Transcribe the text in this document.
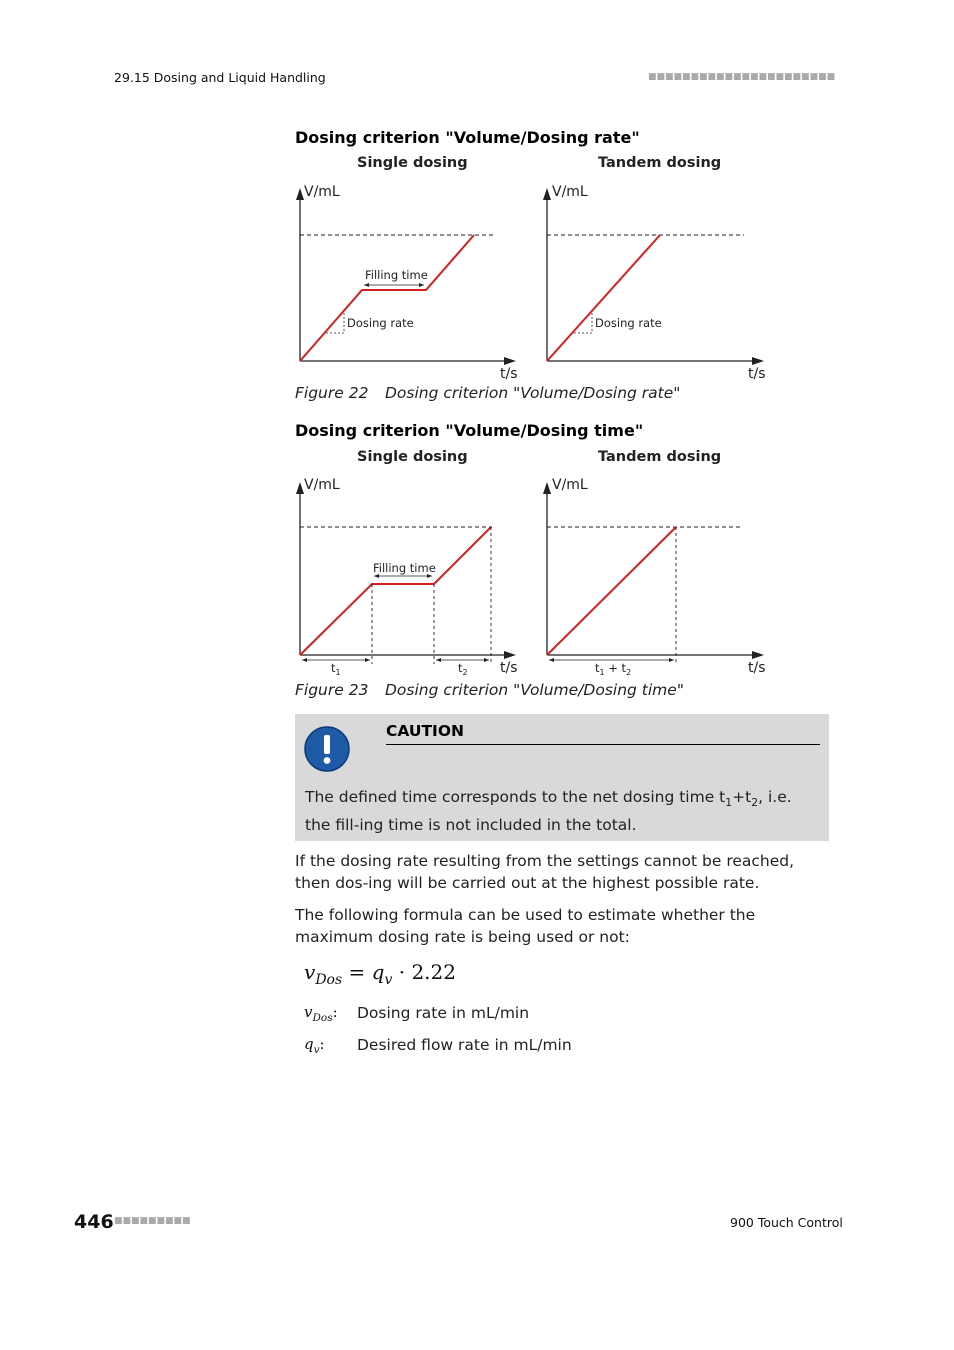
29.15 Dosing and Liquid Handling	■■■■■■■■■■■■■■■■■■■■■■
Dosing criterion "Volume/Dosing rate"
Single dosing	Tandem dosing
V/mL
t/s
Filling time
Dosing rate
V/mL
t/s
Dosing rate
Figure 22 Dosing criterion "Volume/Dosing rate"
Dosing criterion "Volume/Dosing time"
Single dosing	Tandem dosing
V/mL
t/s
Filling time
$t_1$	$t_2$
V/mL
t/s
$t_1 + t_2$
Figure 23 Dosing criterion "Volume/Dosing time"
CAUTION
The defined time corresponds to the net dosing time $t_1+t_2$, i.e. the fill-ing time is not included in the total.
If the dosing rate resulting from the settings cannot be reached, then dos-ing will be carried out at the highest possible rate.
The following formula can be used to estimate whether the maximum dosing rate is being used or not:
$v_{Dos} = q_v \cdot 2.22$
$v_{Dos}$: Dosing rate in mL/min
$q_v$: Desired flow rate in mL/min
446 ■■■■■■■■■	900 Touch Control
